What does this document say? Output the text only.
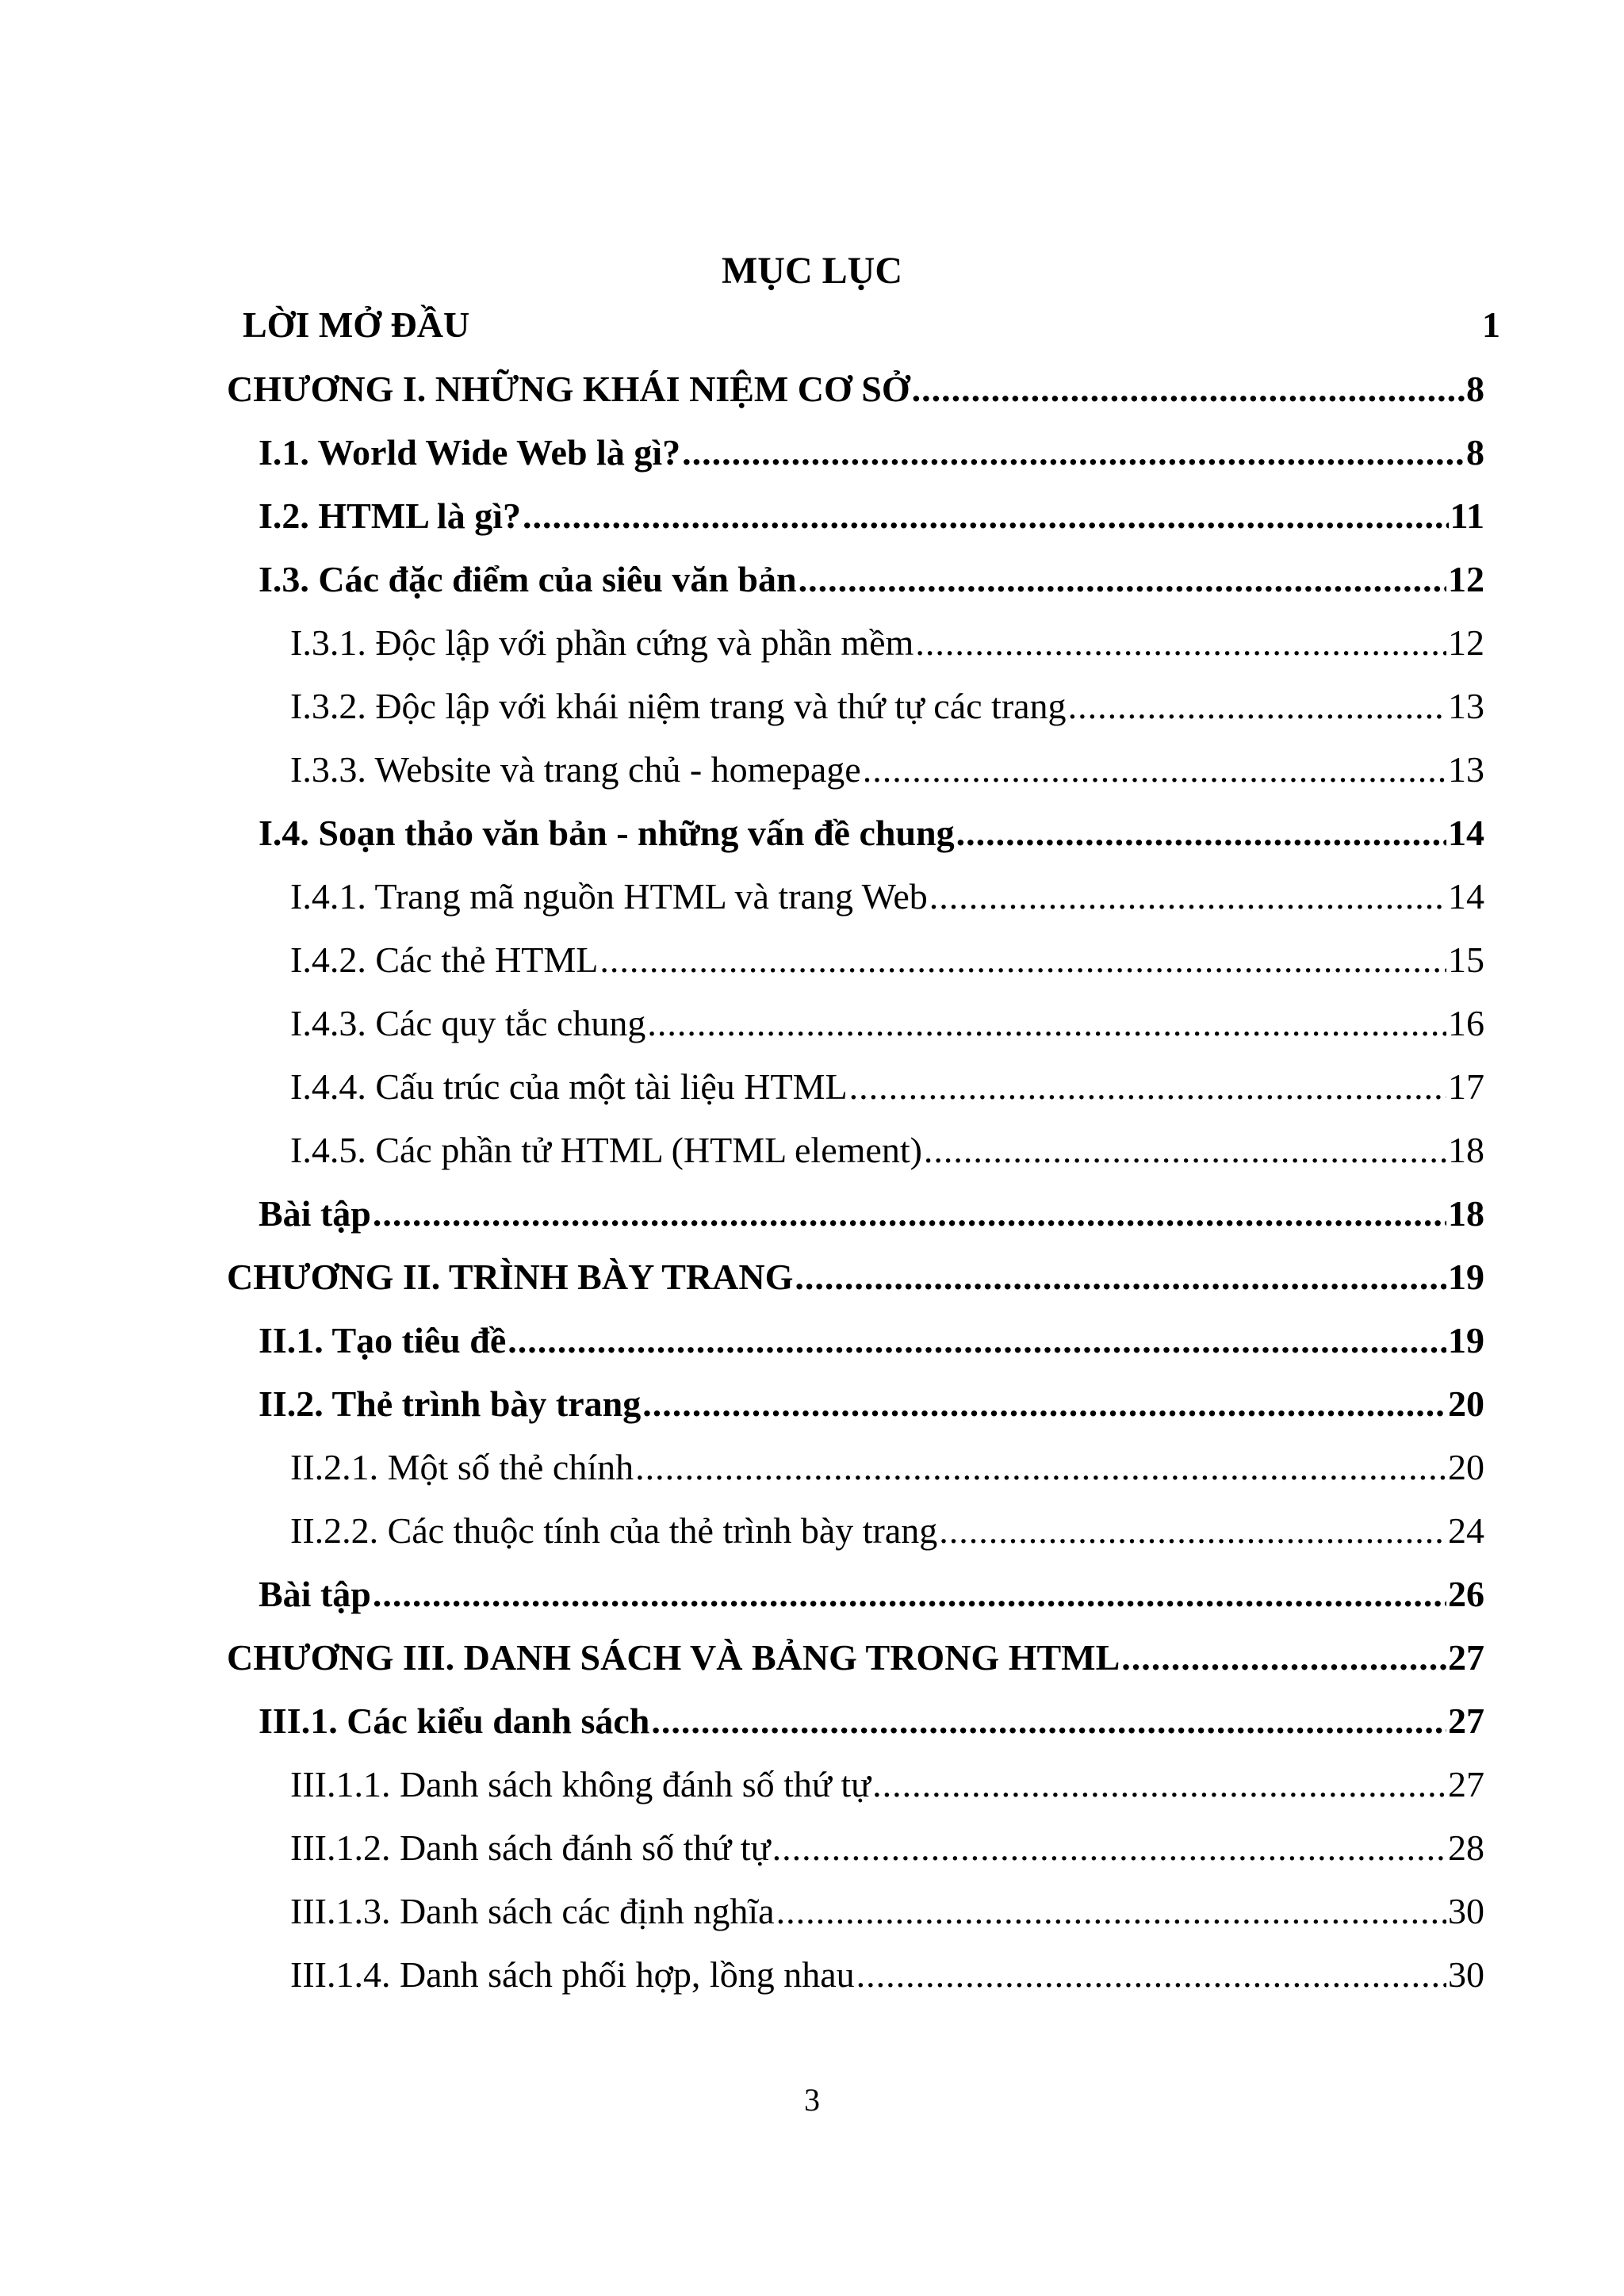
MỤC LỤC
LỜI MỞ ĐẦU	1
CHƯƠNG I. NHỮNG KHÁI NIỆM CƠ SỞ .....	8
I.1. World Wide Web là gì? .....	8
I.2. HTML là gì? .....	11
I.3. Các đặc điểm của siêu văn bản .....	12
I.3.1. Độc lập với phần cứng và phần mềm .....	12
I.3.2. Độc lập với khái niệm trang và thứ tự các trang .....	13
I.3.3. Website và trang chủ - homepage .....	13
I.4. Soạn thảo văn bản - những vấn đề chung .....	14
I.4.1. Trang mã nguồn HTML và trang Web .....	14
I.4.2. Các thẻ HTML .....	15
I.4.3. Các quy tắc chung .....	16
I.4.4. Cấu trúc của một tài liệu HTML .....	17
I.4.5. Các phần tử HTML (HTML element) .....	18
Bài tập .....	18
CHƯƠNG II. TRÌNH BÀY TRANG .....	19
II.1. Tạo tiêu đề .....	19
II.2. Thẻ trình bày trang .....	20
II.2.1. Một số thẻ chính .....	20
II.2.2. Các thuộc tính của thẻ trình bày trang .....	24
Bài tập .....	26
CHƯƠNG III. DANH SÁCH VÀ BẢNG TRONG HTML .....	27
III.1. Các kiểu danh sách .....	27
III.1.1. Danh sách không đánh số thứ tự .....	27
III.1.2. Danh sách đánh số thứ tự .....	28
III.1.3. Danh sách các định nghĩa .....	30
III.1.4. Danh sách phối hợp, lồng nhau .....	30
3
